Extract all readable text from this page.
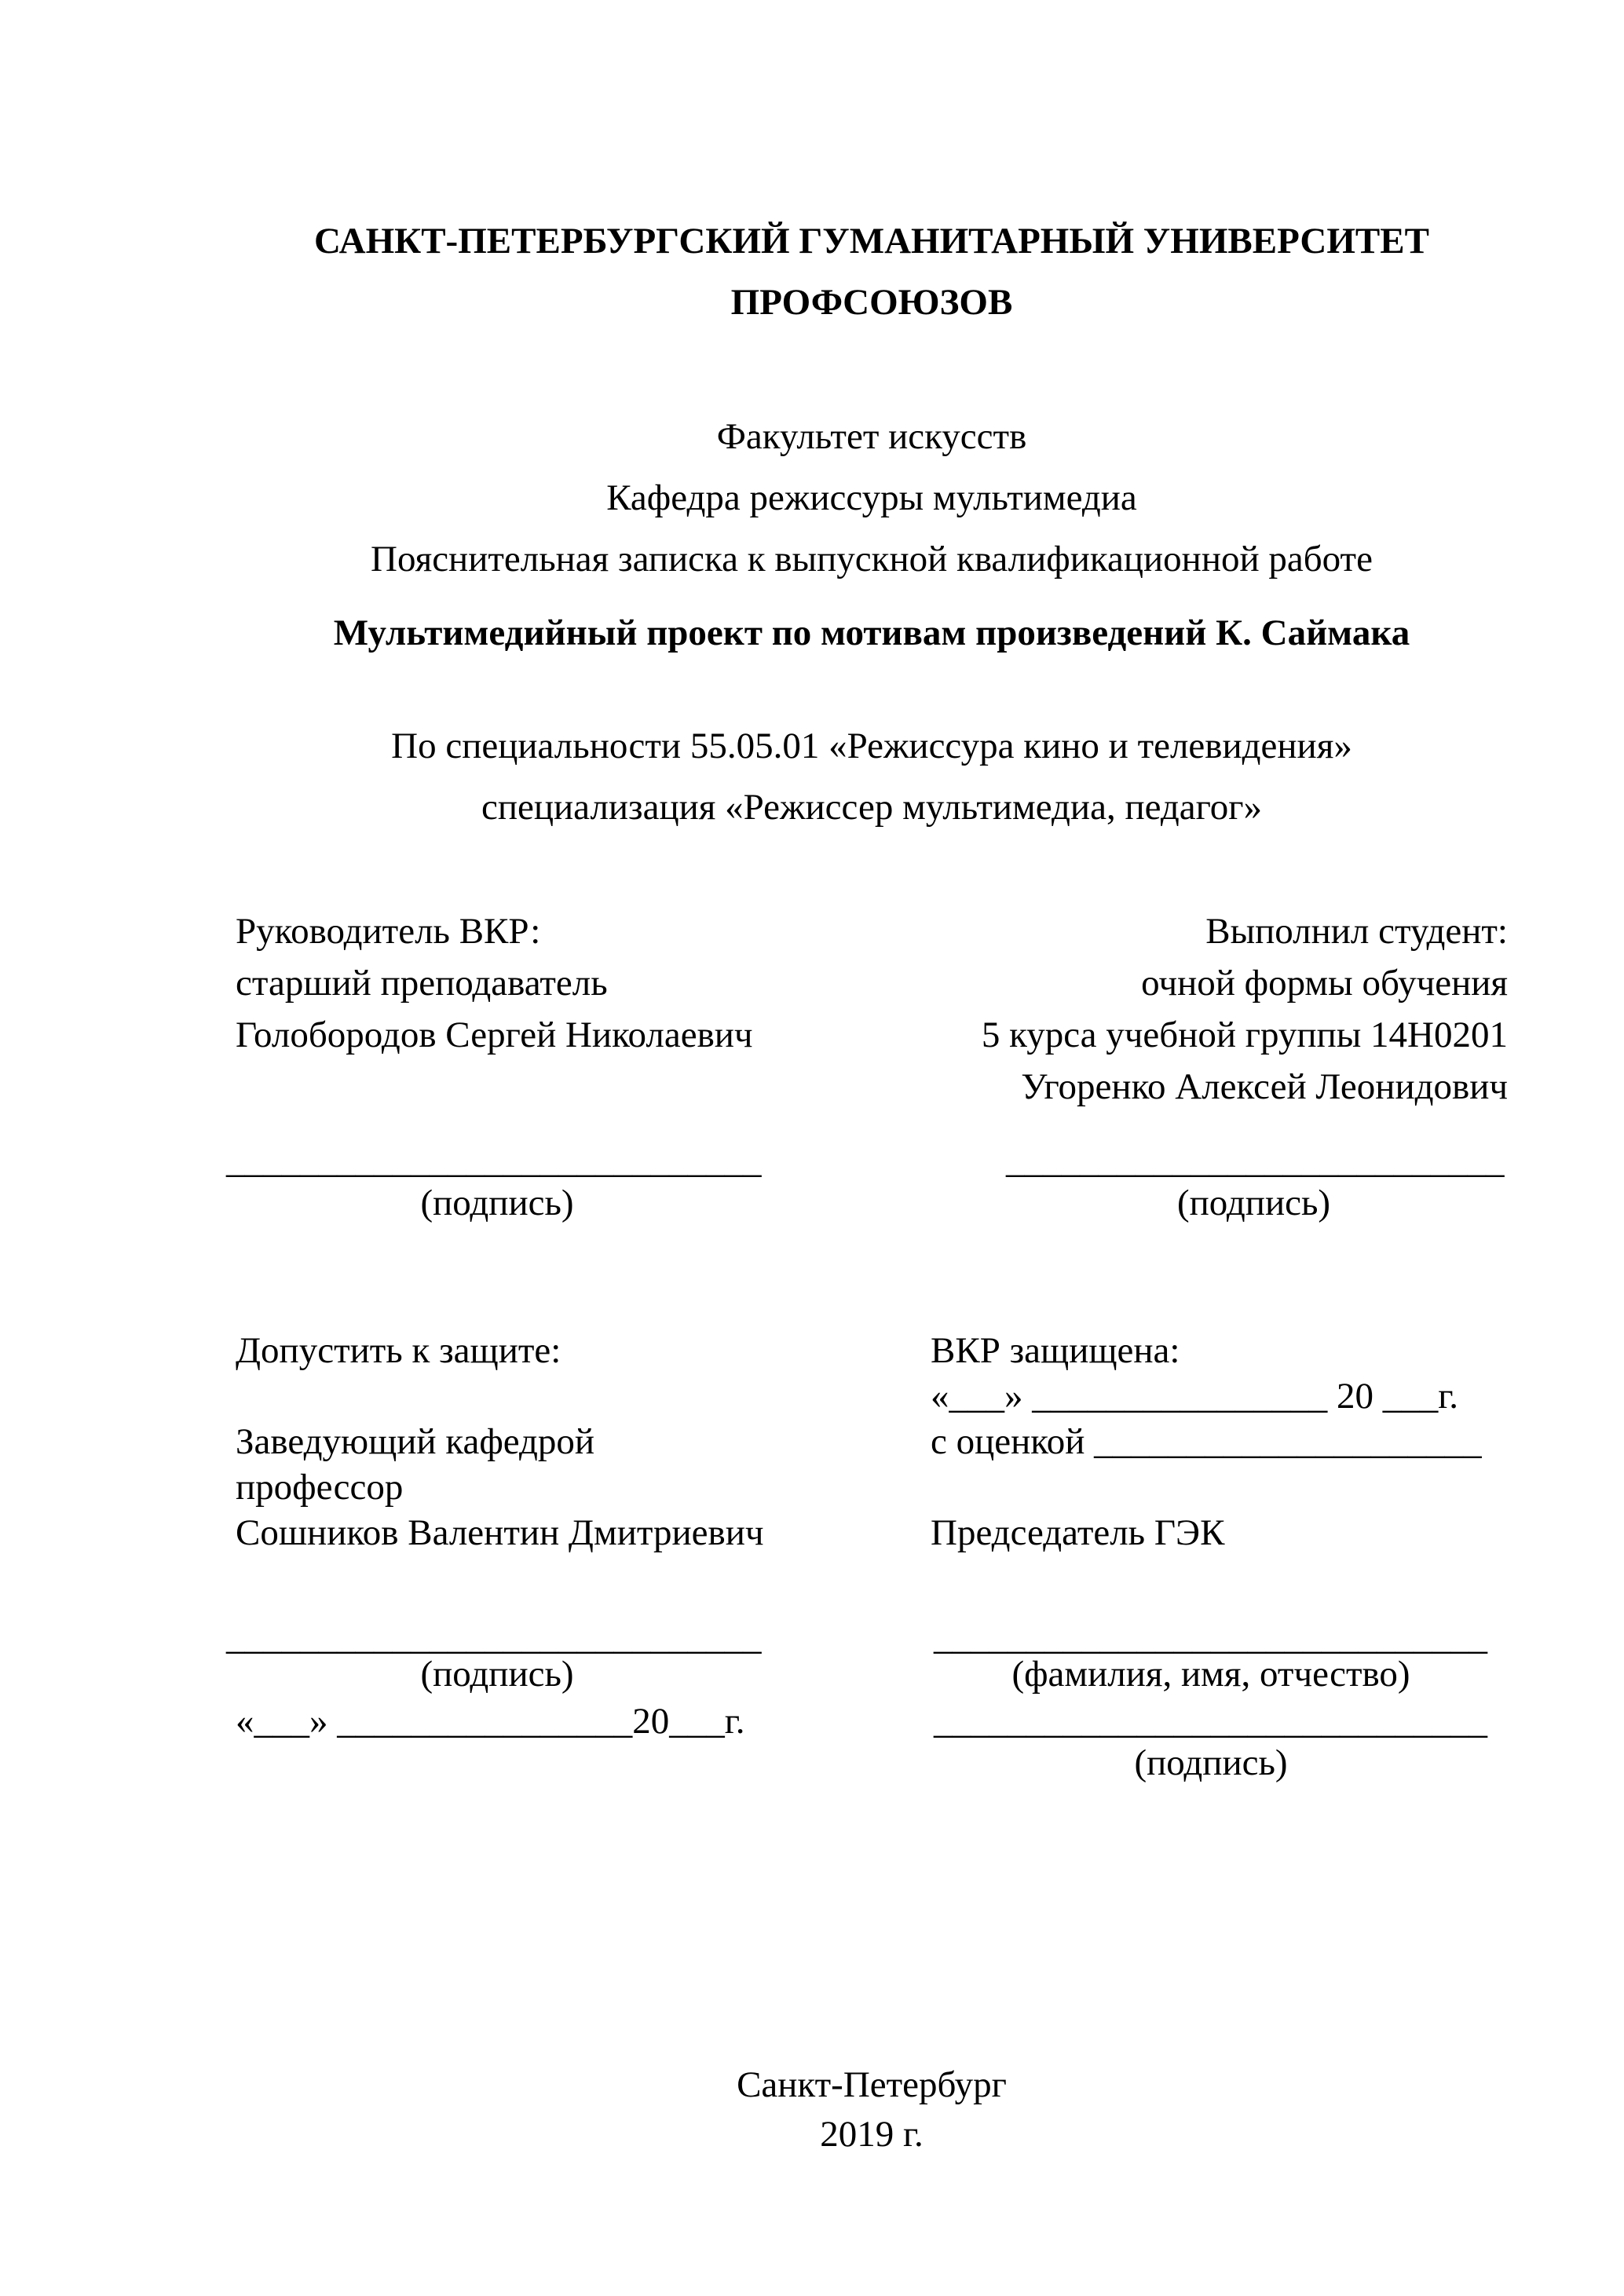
САНКТ-ПЕТЕРБУРГСКИЙ ГУМАНИТАРНЫЙ УНИВЕРСИТЕТ
ПРОФСОЮЗОВ
Факультет искусств
Кафедра режиссуры мультимедиа
Пояснительная записка к выпускной квалификационной работе
Мультимедийный проект по мотивам произведений К. Саймака
По специальности 55.05.01 «Режиссура кино и телевидения»
специализация «Режиссер мультимедиа, педагог»
Руководитель ВКР:	Выполнил студент:
старший преподаватель	очной формы обучения
Голобородов Сергей Николаевич	5 курса учебной группы 14Н0201
Угоренко Алексей Леонидович
_____________________________	___________________________
(подпись)	(подпись)
Допустить к защите:	ВКР защищена:
«___» ________________ 20 ___г.
Заведующий кафедрой	с оценкой _____________________
профессор
Сошников Валентин Дмитриевич	Председатель ГЭК
_____________________________	______________________________
(подпись)	(фамилия, имя, отчество)
«___» ________________20___г.	______________________________
(подпись)
Санкт-Петербург
2019 г.
